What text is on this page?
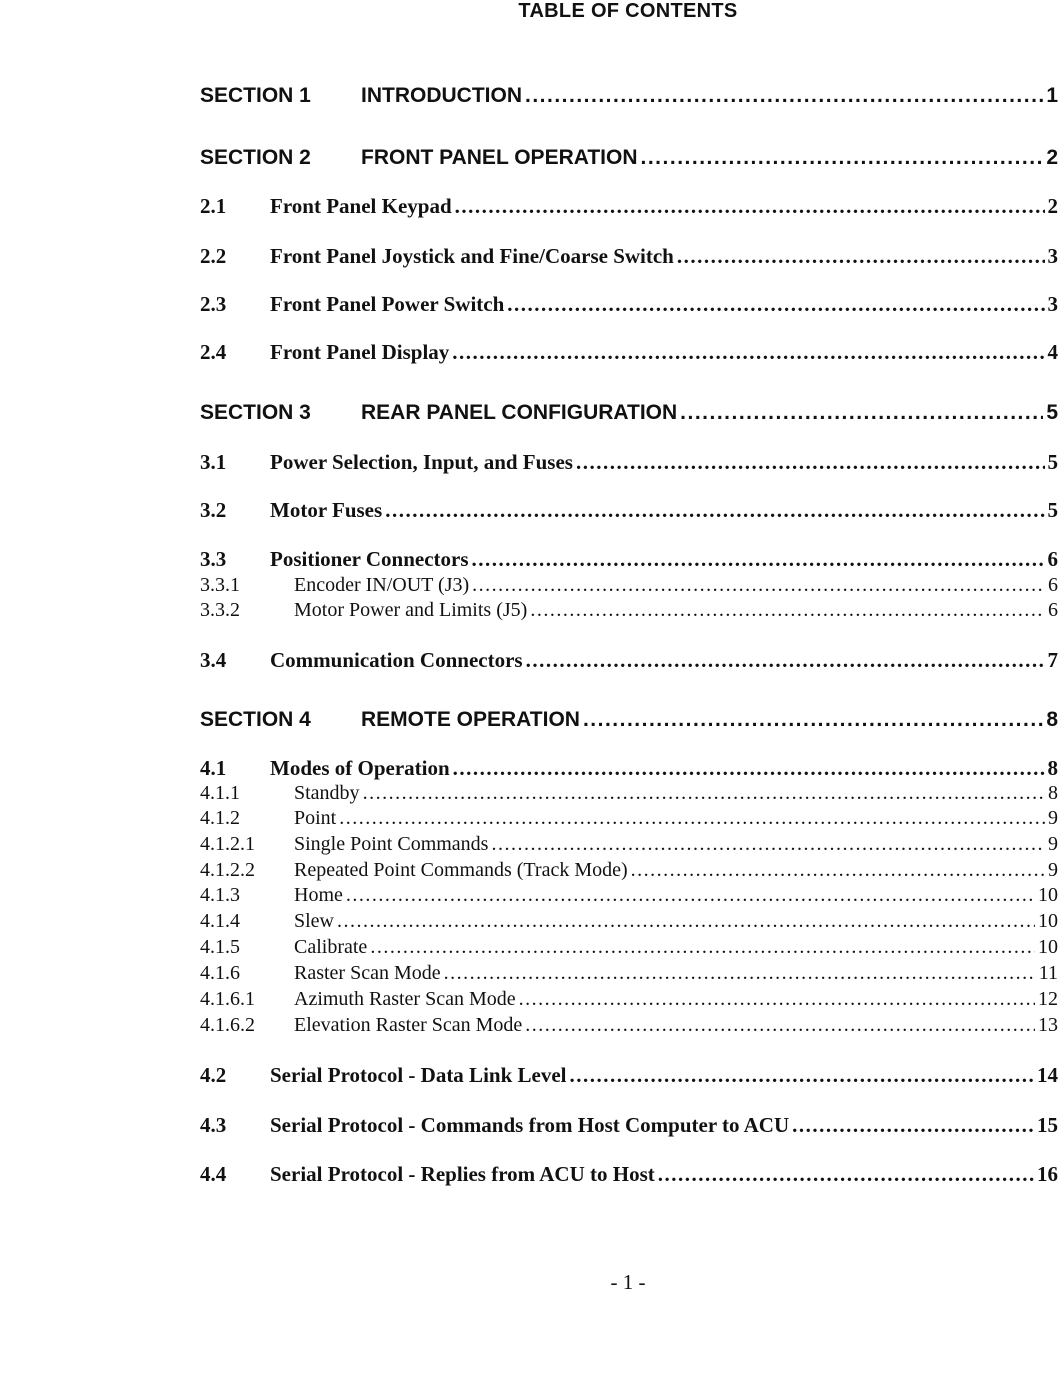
TABLE OF CONTENTS
SECTION 1	INTRODUCTION .....	1
SECTION 2	FRONT PANEL OPERATION .....	2
2.1	Front Panel Keypad .....	2
2.2	Front Panel Joystick and Fine/Coarse Switch .....	3
2.3	Front Panel Power Switch .....	3
2.4	Front Panel Display .....	4
SECTION 3	REAR PANEL CONFIGURATION .....	5
3.1	Power Selection, Input, and Fuses .....	5
3.2	Motor Fuses .....	5
3.3	Positioner Connectors .....	6
3.3.1	Encoder IN/OUT (J3) .....	6
3.3.2	Motor Power and Limits (J5) .....	6
3.4	Communication Connectors .....	7
SECTION 4	REMOTE OPERATION .....	8
4.1	Modes of Operation .....	8
4.1.1	Standby .....	8
4.1.2	Point .....	9
4.1.2.1	Single Point Commands .....	9
4.1.2.2	Repeated Point Commands (Track Mode) .....	9
4.1.3	Home .....	10
4.1.4	Slew .....	10
4.1.5	Calibrate .....	10
4.1.6	Raster Scan Mode .....	11
4.1.6.1	Azimuth Raster Scan Mode .....	12
4.1.6.2	Elevation Raster Scan Mode .....	13
4.2	Serial Protocol - Data Link Level .....	14
4.3	Serial Protocol - Commands from Host Computer to ACU .....	15
4.4	Serial Protocol - Replies from ACU to Host .....	16
- 1 -
